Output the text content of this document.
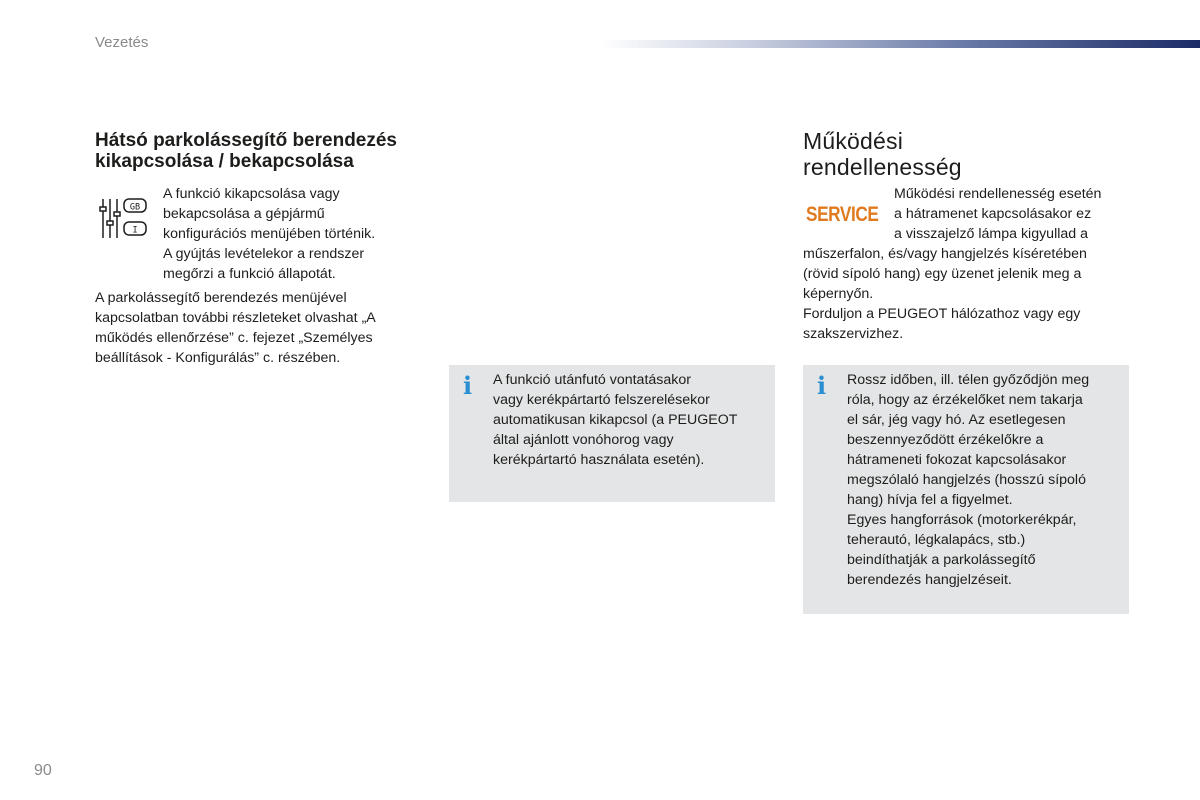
Vezetés
Hátsó parkolássegítő berendezés kikapcsolása / bekapcsolása
GB
I
A funkció kikapcsolása vagy
bekapcsolása a gépjármű
konfigurációs menüjében történik.
A gyújtás levételekor a rendszer
megőrzi a funkció állapotát.
A parkolássegítő berendezés menüjével
kapcsolatban további részleteket olvashat „A
működés ellenőrzése” c. fejezet „Személyes
beállítások - Konfigurálás” c. részében.
i A funkció utánfutó vontatásakor
vagy kerékpártartó felszerelésekor
automatikusan kikapcsol (a PEUGEOT
által ajánlott vonóhorog vagy
kerékpártartó használata esetén).
Működési
rendellenesség
SERVICE
Működési rendellenesség esetén
a hátramenet kapcsolásakor ez
a visszajelző lámpa kigyullad a
műszerfalon, és/vagy hangjelzés kíséretében
(rövid sípoló hang) egy üzenet jelenik meg a
képernyőn.
Forduljon a PEUGEOT hálózathoz vagy egy
szakszervizhez.
i Rossz időben, ill. télen győződjön meg
róla, hogy az érzékelőket nem takarja
el sár, jég vagy hó. Az esetlegesen
beszennyeződött érzékelőkre a
hátrameneti fokozat kapcsolásakor
megszólaló hangjelzés (hosszú sípoló
hang) hívja fel a figyelmet.
Egyes hangforrások (motorkerékpár,
teherautó, légkalapács, stb.)
beindíthatják a parkolássegítő
berendezés hangjelzéseit.
90
